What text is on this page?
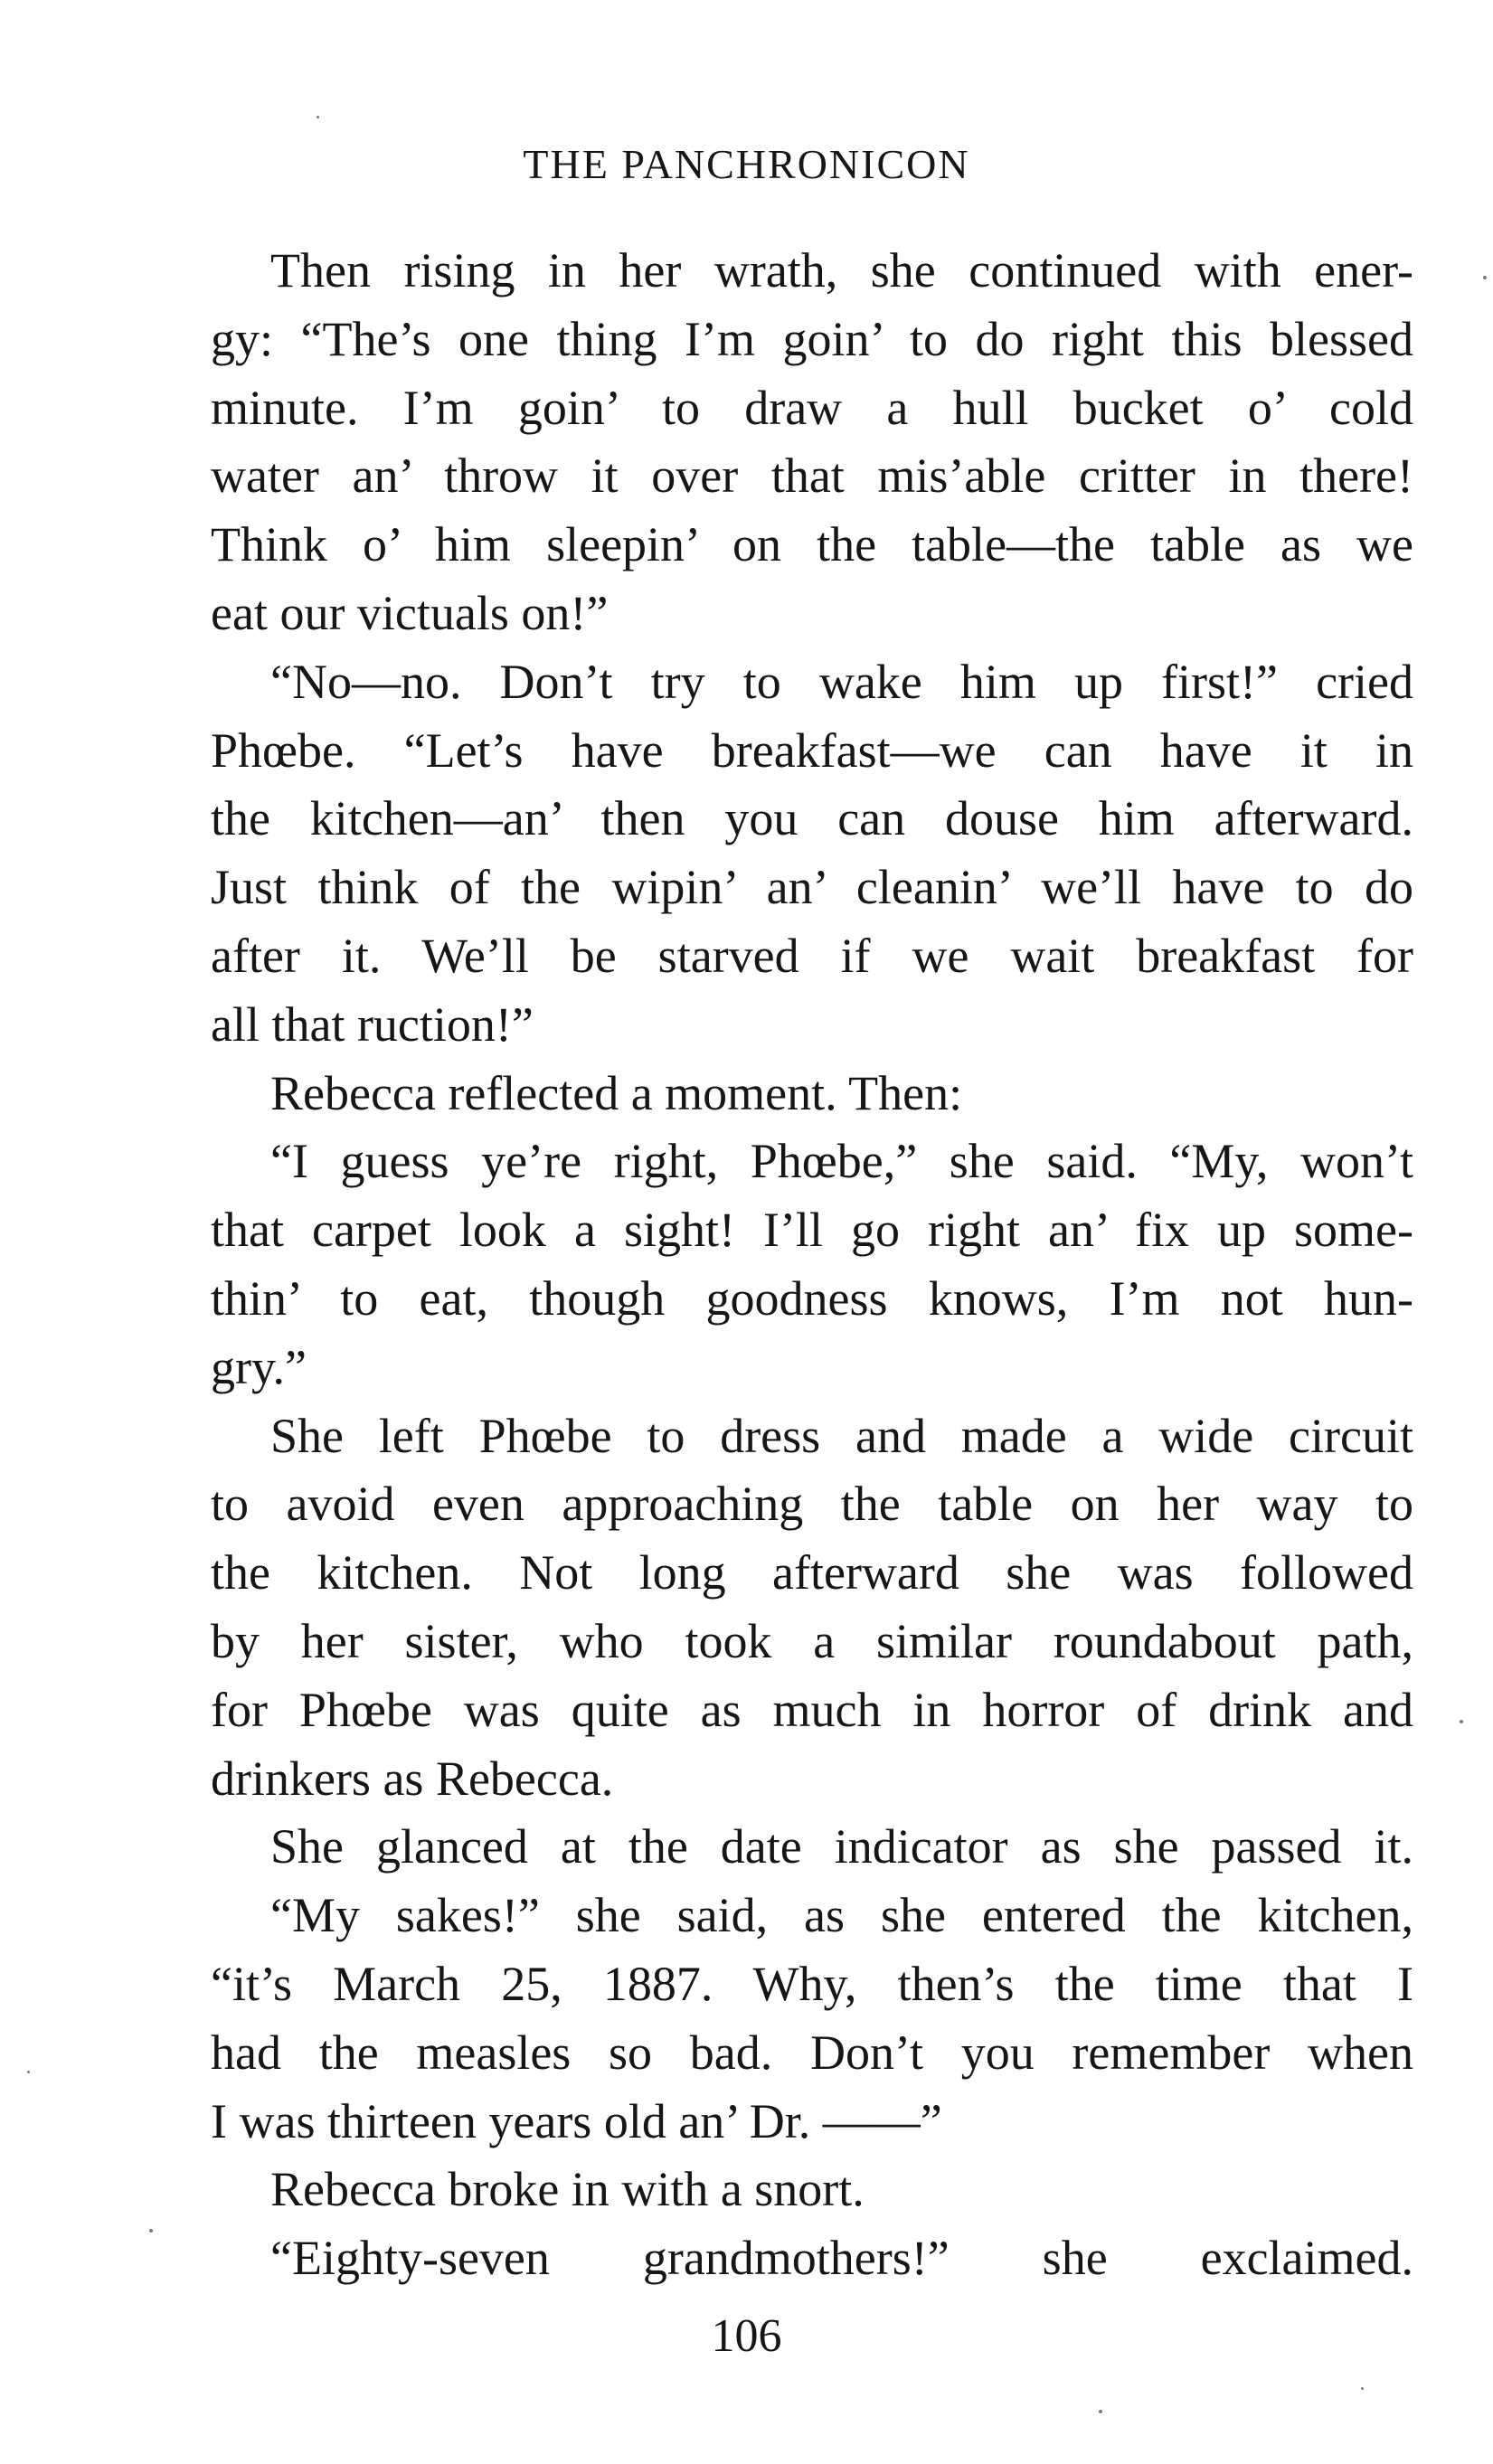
THE PANCHRONICON

Then rising in her wrath, she continued with ener-
gy: “The’s one thing I’m goin’ to do right this blessed
minute. I’m goin’ to draw a hull bucket o’ cold
water an’ throw it over that mis’able critter in there!
Think o’ him sleepin’ on the table—the table as we
eat our victuals on!”

“No—no. Don’t try to wake him up first!” cried
Phœbe. “Let’s have breakfast—we can have it in
the kitchen—an’ then you can douse him afterward.
Just think of the wipin’ an’ cleanin’ we’ll have to do
after it. We’ll be starved if we wait breakfast for
all that ruction!”

Rebecca reflected a moment. Then:

“I guess ye’re right, Phœbe,” she said. “My, won’t
that carpet look a sight! I’ll go right an’ fix up some-
thin’ to eat, though goodness knows, I’m not hun-
gry.”

She left Phœbe to dress and made a wide circuit
to avoid even approaching the table on her way to
the kitchen. Not long afterward she was followed
by her sister, who took a similar roundabout path,
for Phœbe was quite as much in horror of drink and
drinkers as Rebecca.

She glanced at the date indicator as she passed it.

“My sakes!” she said, as she entered the kitchen,
“it’s March 25, 1887. Why, then’s the time that I
had the measles so bad. Don’t you remember when
I was thirteen years old an’ Dr. ——”

Rebecca broke in with a snort.

“Eighty-seven grandmothers!” she exclaimed.

106
